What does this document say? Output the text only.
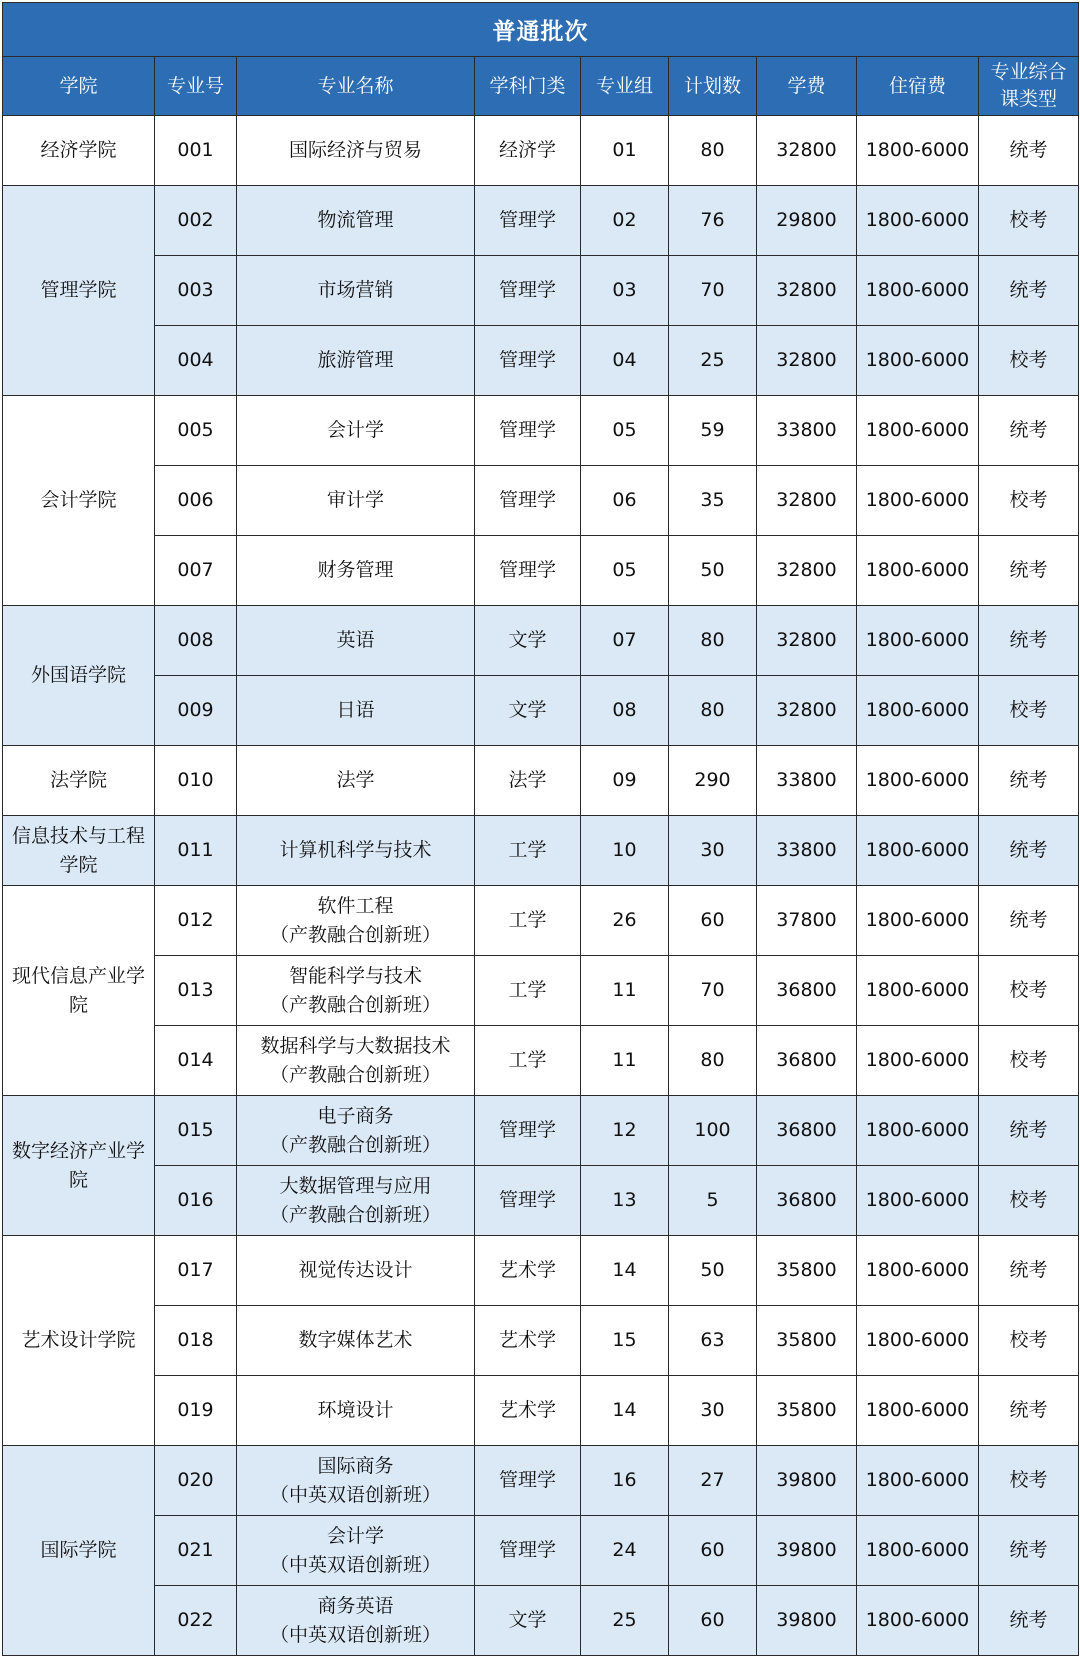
普通批次								
学院	专业号	专业名称	学科门类	专业组	计划数	学费	住宿费	专业综合课类型
经济学院	001	国际经济与贸易	经济学	01	80	32800	1800-6000	统考
管理学院	002	物流管理	管理学	02	76	29800	1800-6000	校考
	003	市场营销	管理学	03	70	32800	1800-6000	统考
	004	旅游管理	管理学	04	25	32800	1800-6000	校考
会计学院	005	会计学	管理学	05	59	33800	1800-6000	统考
	006	审计学	管理学	06	35	32800	1800-6000	校考
	007	财务管理	管理学	05	50	32800	1800-6000	统考
外国语学院	008	英语	文学	07	80	32800	1800-6000	统考
	009	日语	文学	08	80	32800	1800-6000	校考
法学院	010	法学	法学	09	290	33800	1800-6000	统考
信息技术与工程学院	011	计算机科学与技术	工学	10	30	33800	1800-6000	统考
现代信息产业学院	012	软件工程
（产教融合创新班）	工学	26	60	37800	1800-6000	统考
	013	智能科学与技术
（产教融合创新班）	工学	11	70	36800	1800-6000	校考
	014	数据科学与大数据技术
（产教融合创新班）	工学	11	80	36800	1800-6000	校考
数字经济产业学院	015	电子商务
（产教融合创新班）	管理学	12	100	36800	1800-6000	统考
	016	大数据管理与应用
（产教融合创新班）	管理学	13	5	36800	1800-6000	校考
艺术设计学院	017	视觉传达设计	艺术学	14	50	35800	1800-6000	统考
	018	数字媒体艺术	艺术学	15	63	35800	1800-6000	校考
	019	环境设计	艺术学	14	30	35800	1800-6000	统考
国际学院	020	国际商务
（中英双语创新班）	管理学	16	27	39800	1800-6000	校考
	021	会计学
（中英双语创新班）	管理学	24	60	39800	1800-6000	统考
	022	商务英语
（中英双语创新班）	文学	25	60	39800	1800-6000	统考
